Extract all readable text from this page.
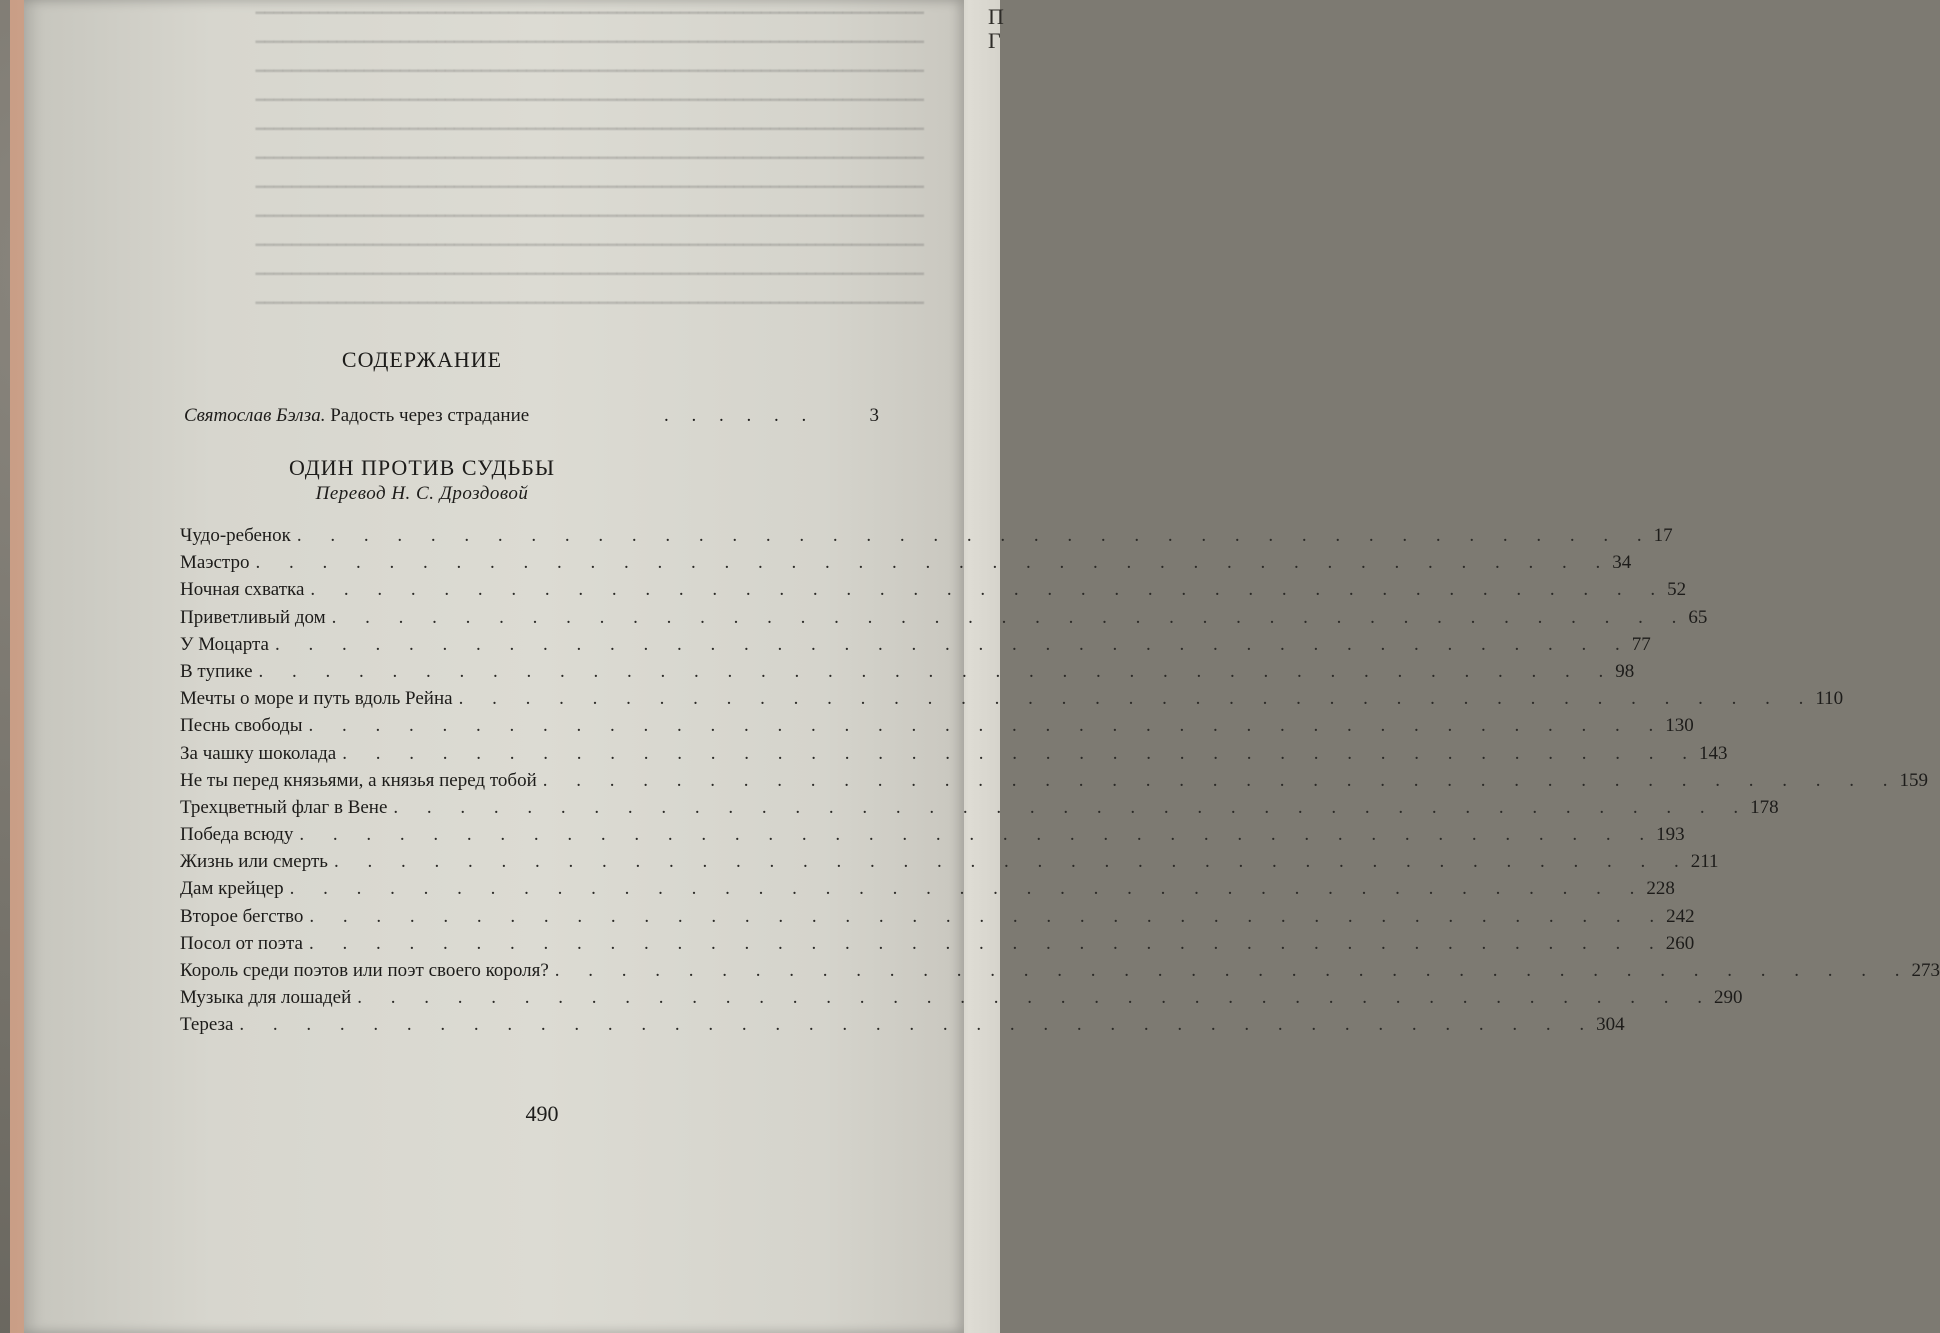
П
Г
━━━━━━━━━━━━━━━━━━━━━━━━━━━━━━━━━━━━━━━━━━━━━━━━━━━━━━━━━━━━━━━━━━━━━━━━━━
━━━━━━━━━━━━━━━━━━━━━━━━━━━━━━━━━━━━━━━━━━━━━━━━━━━━━━━━━━━━━━━━━━━━━━━━━━
━━━━━━━━━━━━━━━━━━━━━━━━━━━━━━━━━━━━━━━━━━━━━━━━━━━━━━━━━━━━━━━━━━━━━━━━━━
━━━━━━━━━━━━━━━━━━━━━━━━━━━━━━━━━━━━━━━━━━━━━━━━━━━━━━━━━━━━━━━━━━━━━━━━━━
━━━━━━━━━━━━━━━━━━━━━━━━━━━━━━━━━━━━━━━━━━━━━━━━━━━━━━━━━━━━━━━━━━━━━━━━━━
━━━━━━━━━━━━━━━━━━━━━━━━━━━━━━━━━━━━━━━━━━━━━━━━━━━━━━━━━━━━━━━━━━━━━━━━━━
━━━━━━━━━━━━━━━━━━━━━━━━━━━━━━━━━━━━━━━━━━━━━━━━━━━━━━━━━━━━━━━━━━━━━━━━━━
━━━━━━━━━━━━━━━━━━━━━━━━━━━━━━━━━━━━━━━━━━━━━━━━━━━━━━━━━━━━━━━━━━━━━━━━━━
━━━━━━━━━━━━━━━━━━━━━━━━━━━━━━━━━━━━━━━━━━━━━━━━━━━━━━━━━━━━━━━━━━━━━━━━━━
━━━━━━━━━━━━━━━━━━━━━━━━━━━━━━━━━━━━━━━━━━━━━━━━━━━━━━━━━━━━━━━━━━━━━━━━━━
━━━━━━━━━━━━━━━━━━━━━━━━━━━━━━━━━━━━━━━━━━━━━━━━━━━━━━━━━━━━━━━━━━━━━━━━━━
СОДЕРЖАНИЕ
Святослав Бэлза. Радость через страдание	. . . . . .	3
ОДИН ПРОТИВ СУДЬБЫ
Перевод Н. С. Дроздовой
Чудо-ребенок . . . . . . . . . . . . . . . . . . . . . . . . . . . . . . . . . . . . . . . . . 17
Маэстро . . . . . . . . . . . . . . . . . . . . . . . . . . . . . . . . . . . . . . . . . 34
Ночная схватка . . . . . . . . . . . . . . . . . . . . . . . . . . . . . . . . . . . . . . . . . 52
Приветливый дом . . . . . . . . . . . . . . . . . . . . . . . . . . . . . . . . . . . . . . . . . 65
У Моцарта . . . . . . . . . . . . . . . . . . . . . . . . . . . . . . . . . . . . . . . . . 77
В тупике . . . . . . . . . . . . . . . . . . . . . . . . . . . . . . . . . . . . . . . . . 98
Мечты о море и путь вдоль Рейна . . . . . . . . . . . . . . . . . . . . . . . . . . . . . . . . . . . . . . . . . 110
Песнь свободы . . . . . . . . . . . . . . . . . . . . . . . . . . . . . . . . . . . . . . . . . 130
За чашку шоколада . . . . . . . . . . . . . . . . . . . . . . . . . . . . . . . . . . . . . . . . . 143
Не ты перед князьями, а князья перед тобой . . . . . . . . . . . . . . . . . . . . . . . . . . . . . . . . . . . . . . . . . 159
Трехцветный флаг в Вене . . . . . . . . . . . . . . . . . . . . . . . . . . . . . . . . . . . . . . . . . 178
Победа всюду . . . . . . . . . . . . . . . . . . . . . . . . . . . . . . . . . . . . . . . . . 193
Жизнь или смерть . . . . . . . . . . . . . . . . . . . . . . . . . . . . . . . . . . . . . . . . . 211
Дам крейцер . . . . . . . . . . . . . . . . . . . . . . . . . . . . . . . . . . . . . . . . . 228
Второе бегство . . . . . . . . . . . . . . . . . . . . . . . . . . . . . . . . . . . . . . . . . 242
Посол от поэта . . . . . . . . . . . . . . . . . . . . . . . . . . . . . . . . . . . . . . . . . 260
Король среди поэтов или поэт своего короля? . . . . . . . . . . . . . . . . . . . . . . . . . . . . . . . . . . . . . . . . . 273
Музыка для лошадей . . . . . . . . . . . . . . . . . . . . . . . . . . . . . . . . . . . . . . . . . 290
Тереза . . . . . . . . . . . . . . . . . . . . . . . . . . . . . . . . . . . . . . . . . 304
490
